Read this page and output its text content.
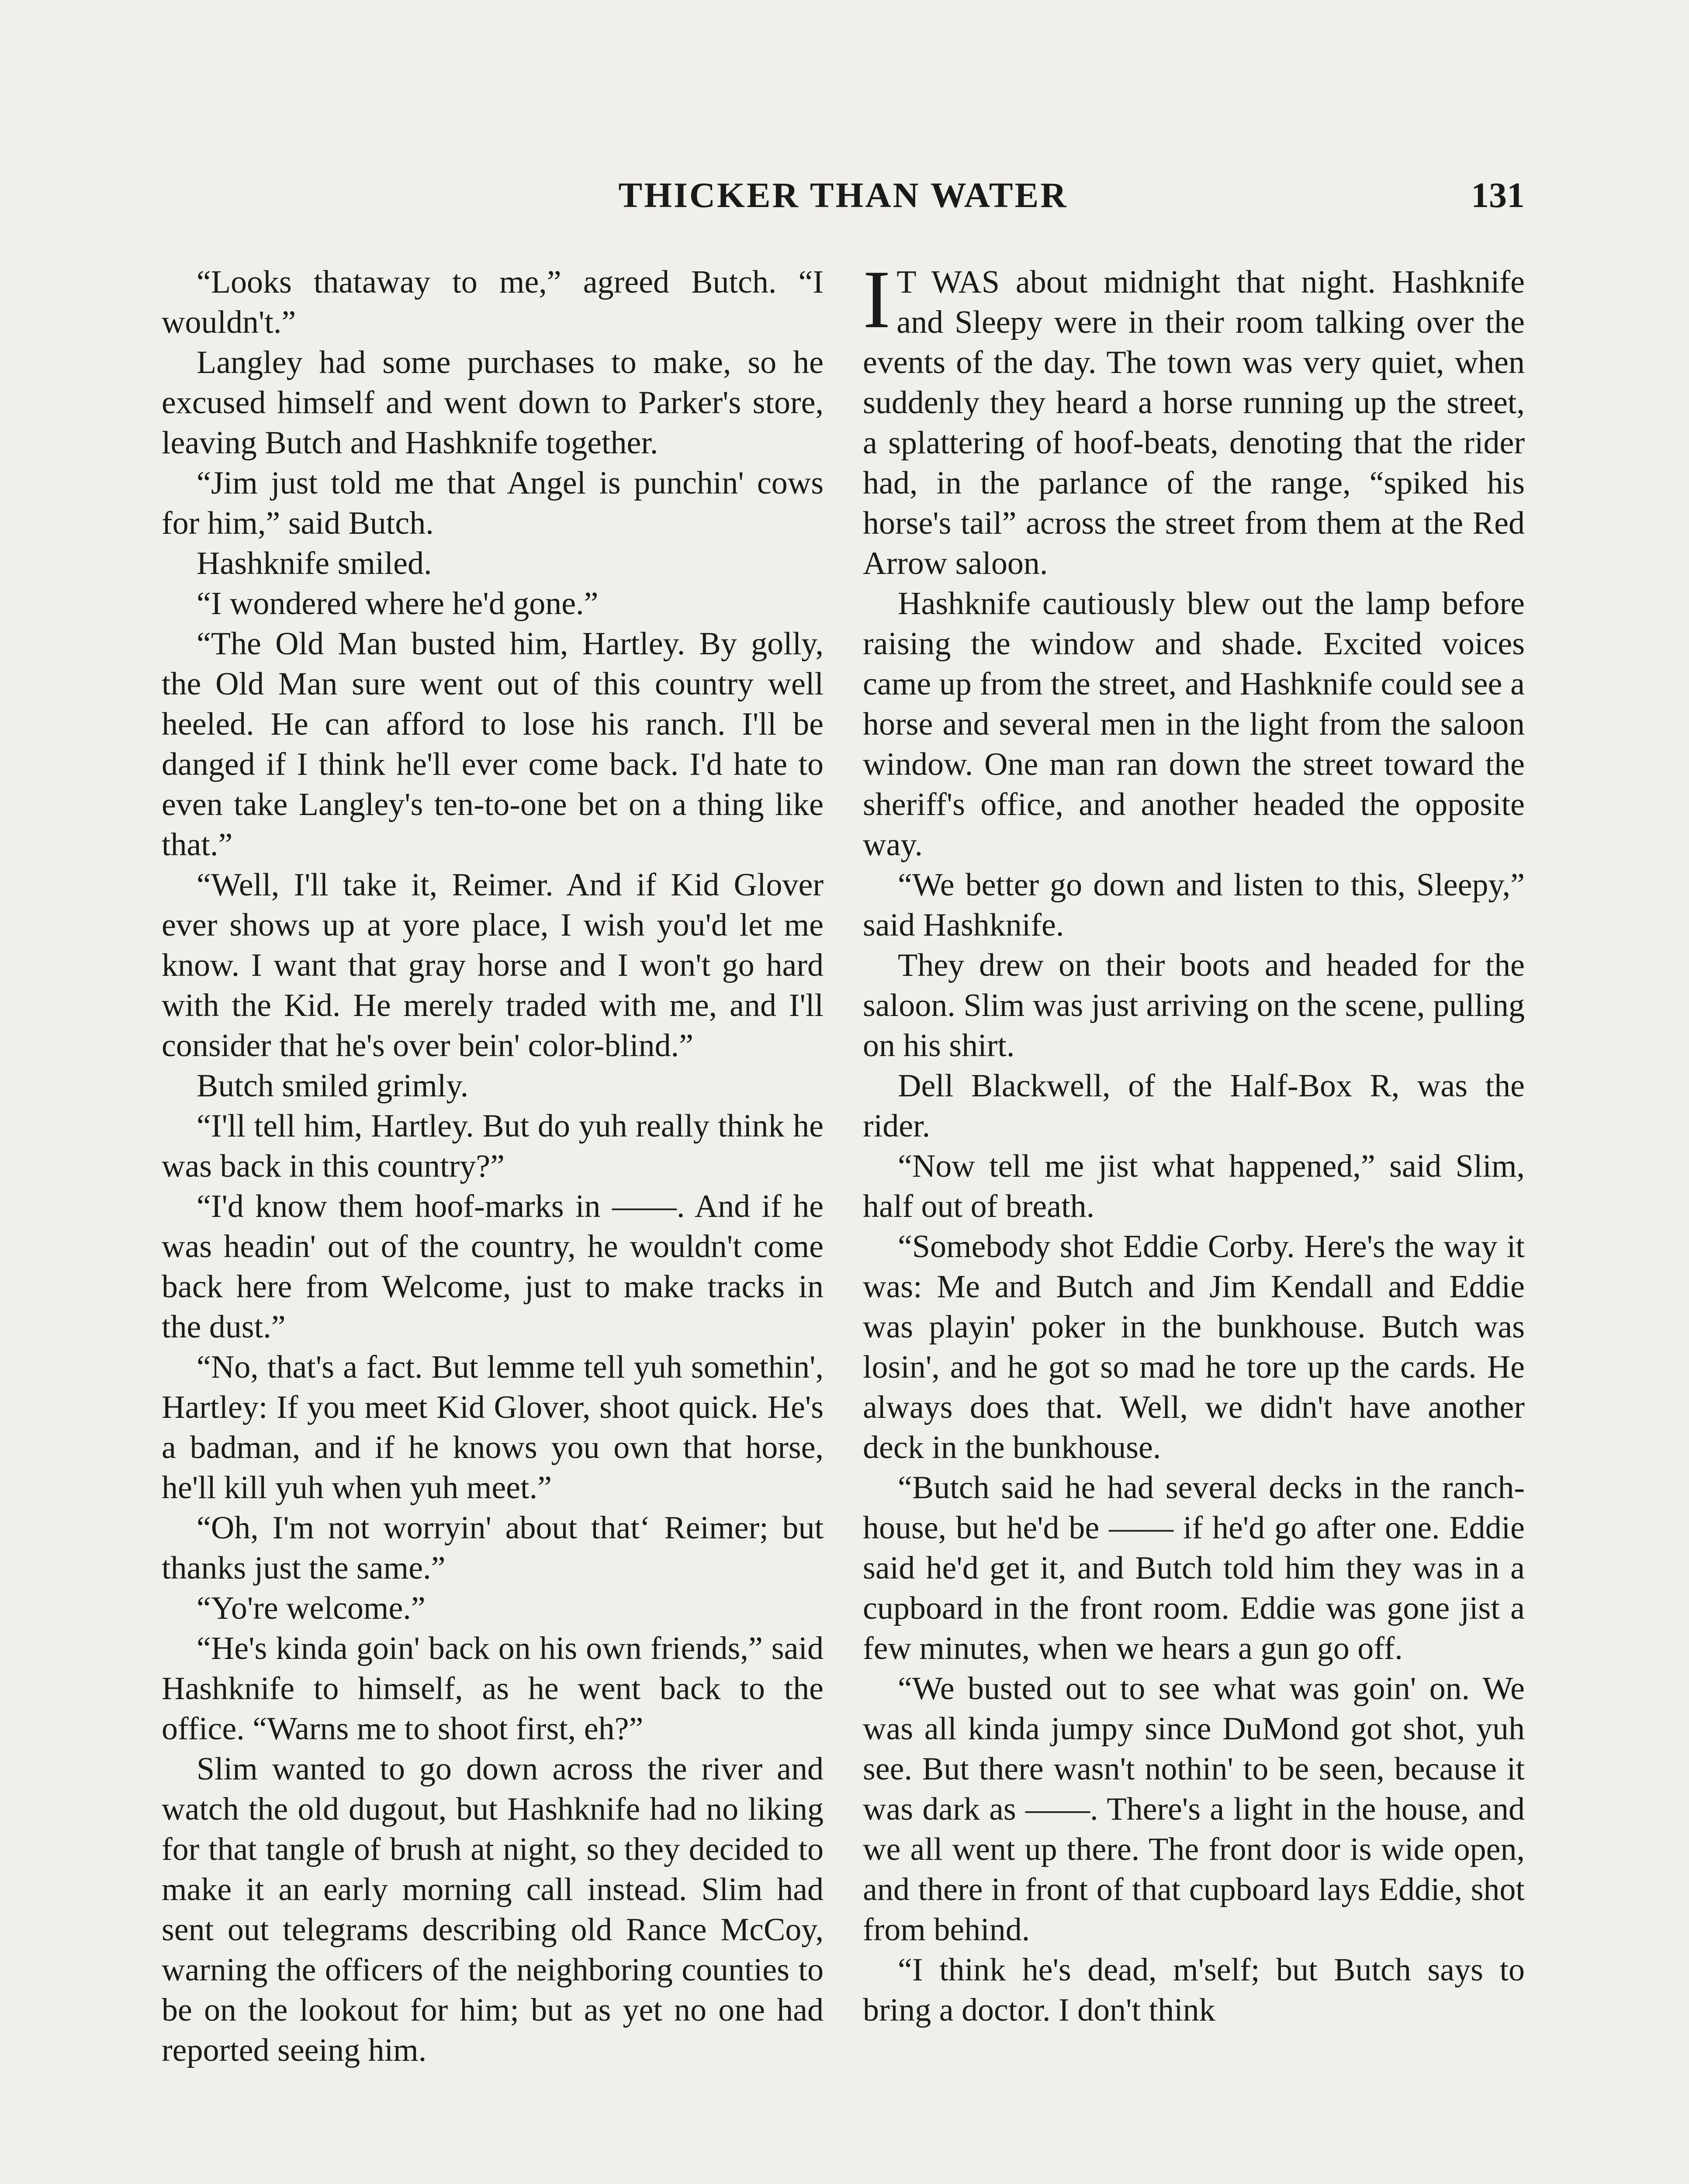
THICKER THAN WATER	131

“Looks thataway to me,” agreed Butch. “I wouldn't.”

Langley had some purchases to make, so he excused himself and went down to Parker's store, leaving Butch and Hashknife together.

“Jim just told me that Angel is punchin' cows for him,” said Butch.

Hashknife smiled.

“I wondered where he'd gone.”

“The Old Man busted him, Hartley. By golly, the Old Man sure went out of this country well heeled. He can afford to lose his ranch. I'll be danged if I think he'll ever come back. I'd hate to even take Langley's ten-to-one bet on a thing like that.”

“Well, I'll take it, Reimer. And if Kid Glover ever shows up at yore place, I wish you'd let me know. I want that gray horse and I won't go hard with the Kid. He merely traded with me, and I'll consider that he's over bein' color-blind.”

Butch smiled grimly.

“I'll tell him, Hartley. But do yuh really think he was back in this country?”

“I'd know them hoof-marks in ——. And if he was headin' out of the country, he wouldn't come back here from Welcome, just to make tracks in the dust.”

“No, that's a fact. But lemme tell yuh somethin', Hartley: If you meet Kid Glover, shoot quick. He's a badman, and if he knows you own that horse, he'll kill yuh when yuh meet.”

“Oh, I'm not worryin' about that‘ Reimer; but thanks just the same.”

“Yo're welcome.”

“He's kinda goin' back on his own friends,” said Hashknife to himself, as he went back to the office. “Warns me to shoot first, eh?”

Slim wanted to go down across the river and watch the old dugout, but Hashknife had no liking for that tangle of brush at night, so they decided to make it an early morning call instead. Slim had sent out telegrams describing old Rance McCoy, warning the officers of the neighboring counties to be on the lookout for him; but as yet no one had reported seeing him.

I T WAS about midnight that night. Hashknife and Sleepy were in their room talking over the events of the day. The town was very quiet, when suddenly they heard a horse running up the street, a splattering of hoof-beats, denoting that the rider had, in the parlance of the range, “spiked his horse's tail” across the street from them at the Red Arrow saloon.

Hashknife cautiously blew out the lamp before raising the window and shade. Excited voices came up from the street, and Hashknife could see a horse and several men in the light from the saloon window. One man ran down the street toward the sheriff's office, and another headed the opposite way.

“We better go down and listen to this, Sleepy,” said Hashknife.

They drew on their boots and headed for the saloon. Slim was just arriving on the scene, pulling on his shirt.

Dell Blackwell, of the Half-Box R, was the rider.

“Now tell me jist what happened,” said Slim, half out of breath.

“Somebody shot Eddie Corby. Here's the way it was: Me and Butch and Jim Kendall and Eddie was playin' poker in the bunkhouse. Butch was losin', and he got so mad he tore up the cards. He always does that. Well, we didn't have another deck in the bunkhouse.

“Butch said he had several decks in the ranch-house, but he'd be —— if he'd go after one. Eddie said he'd get it, and Butch told him they was in a cupboard in the front room. Eddie was gone jist a few minutes, when we hears a gun go off.

“We busted out to see what was goin' on. We was all kinda jumpy since DuMond got shot, yuh see. But there wasn't nothin' to be seen, because it was dark as ——. There's a light in the house, and we all went up there. The front door is wide open, and there in front of that cupboard lays Eddie, shot from behind.

“I think he's dead, m'self; but Butch says to bring a doctor. I don't think
